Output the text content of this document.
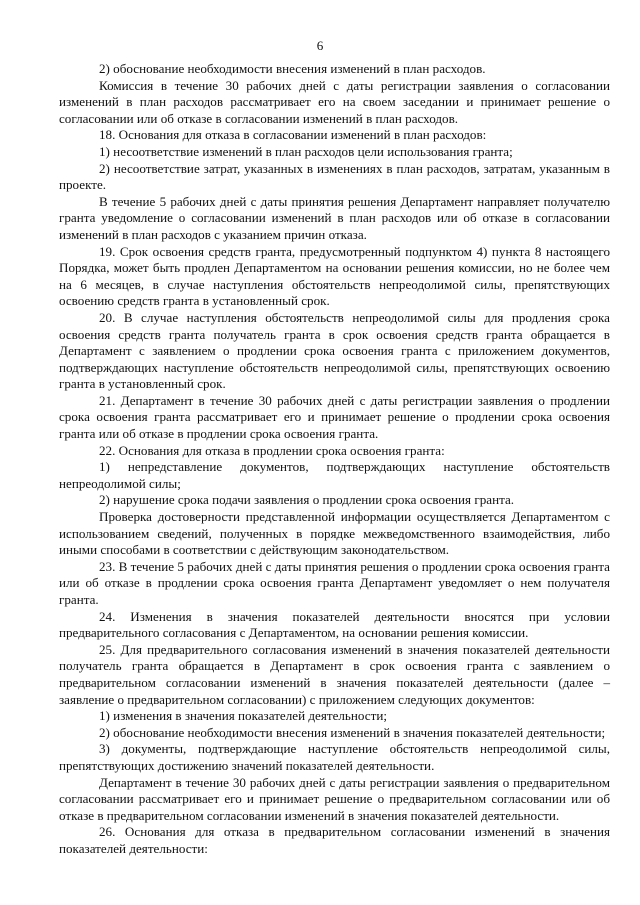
6

2) обоснование необходимости внесения изменений в план расходов.

Комиссия в течение 30 рабочих дней с даты регистрации заявления о согласовании изменений в план расходов рассматривает его на своем заседании и принимает решение о согласовании или об отказе в согласовании изменений в план расходов.

18. Основания для отказа в согласовании изменений в план расходов:

1) несоответствие изменений в план расходов цели использования гранта;

2) несоответствие затрат, указанных в изменениях в план расходов, затратам, указанным в проекте.

В течение 5 рабочих дней с даты принятия решения Департамент направляет получателю гранта уведомление о согласовании изменений в план расходов или об отказе в согласовании изменений в план расходов с указанием причин отказа.

19. Срок освоения средств гранта, предусмотренный подпунктом 4) пункта 8 настоящего Порядка, может быть продлен Департаментом на основании решения комиссии, но не более чем на 6 месяцев, в случае наступления обстоятельств непреодолимой силы, препятствующих освоению средств гранта в установленный срок.

20. В случае наступления обстоятельств непреодолимой силы для продления срока освоения средств гранта получатель гранта в срок освоения средств гранта обращается в Департамент с заявлением о продлении срока освоения гранта с приложением документов, подтверждающих наступление обстоятельств непреодолимой силы, препятствующих освоению гранта в установленный срок.

21. Департамент в течение 30 рабочих дней с даты регистрации заявления о продлении срока освоения гранта рассматривает его и принимает решение о продлении срока освоения гранта или об отказе в продлении срока освоения гранта.

22. Основания для отказа в продлении срока освоения гранта:

1) непредставление документов, подтверждающих наступление обстоятельств непреодолимой силы;

2) нарушение срока подачи заявления о продлении срока освоения гранта.

Проверка достоверности представленной информации осуществляется Департаментом с использованием сведений, полученных в порядке межведомственного взаимодействия, либо иными способами в соответствии с действующим законодательством.

23. В течение 5 рабочих дней с даты принятия решения о продлении срока освоения гранта или об отказе в продлении срока освоения гранта Департамент уведомляет о нем получателя гранта.

24. Изменения в значения показателей деятельности вносятся при условии предварительного согласования с Департаментом, на основании решения комиссии.

25. Для предварительного согласования изменений в значения показателей деятельности получатель гранта обращается в Департамент в срок освоения гранта с заявлением о предварительном согласовании изменений в значения показателей деятельности (далее – заявление о предварительном согласовании) с приложением следующих документов:

1) изменения в значения показателей деятельности;

2) обоснование необходимости внесения изменений в значения показателей деятельности;

3) документы, подтверждающие наступление обстоятельств непреодолимой силы, препятствующих достижению значений показателей деятельности.

Департамент в течение 30 рабочих дней с даты регистрации заявления о предварительном согласовании рассматривает его и принимает решение о предварительном согласовании или об отказе в предварительном согласовании изменений в значения показателей деятельности.

26. Основания для отказа в предварительном согласовании изменений в значения показателей деятельности:
